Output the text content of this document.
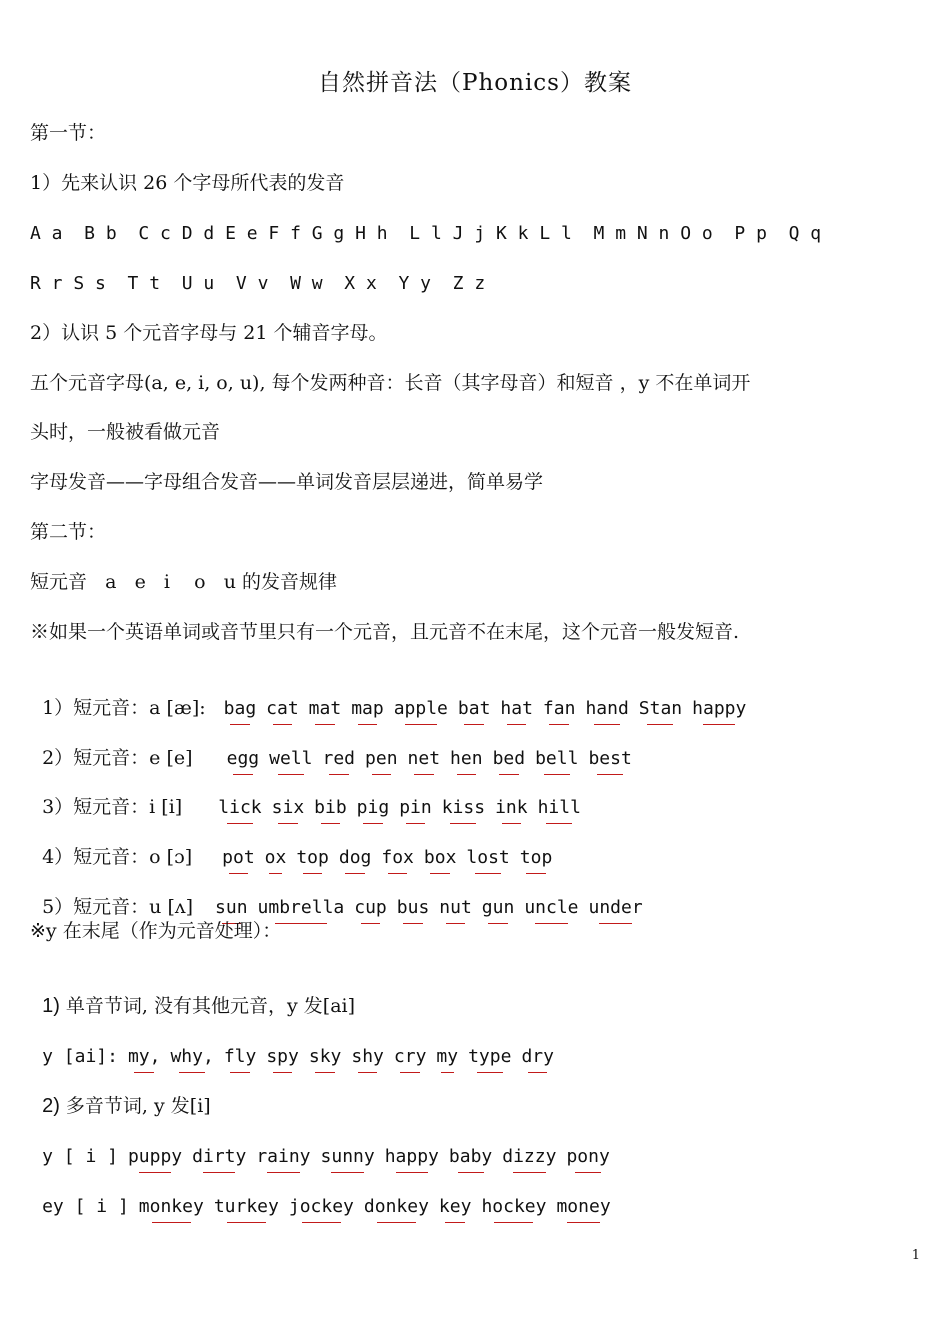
自然拼音法（Phonics）教案
第一节：
1）先来认识 26 个字母所代表的发音
A a  B b  C c D d E e F f G g H h  L l J j K k L l  M m N n O o  P p  Q q
R r S s  T t  U u  V v  W w  X x  Y y  Z z
2）认识 5 个元音字母与 21 个辅音字母。
五个元音字母(a, e, i, o, u), 每个发两种音：长音（其字母音）和短音 ，y 不在单词开
头时，一般被看做元音
字母发音——字母组合发音——单词发音层层递进，简单易学
第二节：
短元音   a   e   i    o   u 的发音规律
※如果一个英语单词或音节里只有一个元音，且元音不在末尾，这个元音一般发短音.

1）短元音：a [æ]: bag cat mat map apple bat hat fan hand Stan happy

2）短元音：e [e]  egg well red pen net hen bed bell best

3）短元音：i [i]  lick six bib pig pin kiss ink hill

4）短元音：o [ɔ] pot ox top dog fox box lost top

5）短元音：u [ʌ] sun umbrella cup bus nut gun uncle under

※y 在末尾（作为元音处理）：

1) 单音节词, 没有其他元音，y 发[ai]

y [ai]: my, why, fly spy sky shy cry my type dry

2) 多音节词, y 发[i]

y [ i ] puppy dirty rainy sunny happy baby dizzy pony

ey [ i ] monkey turkey jockey donkey key hockey money

1
